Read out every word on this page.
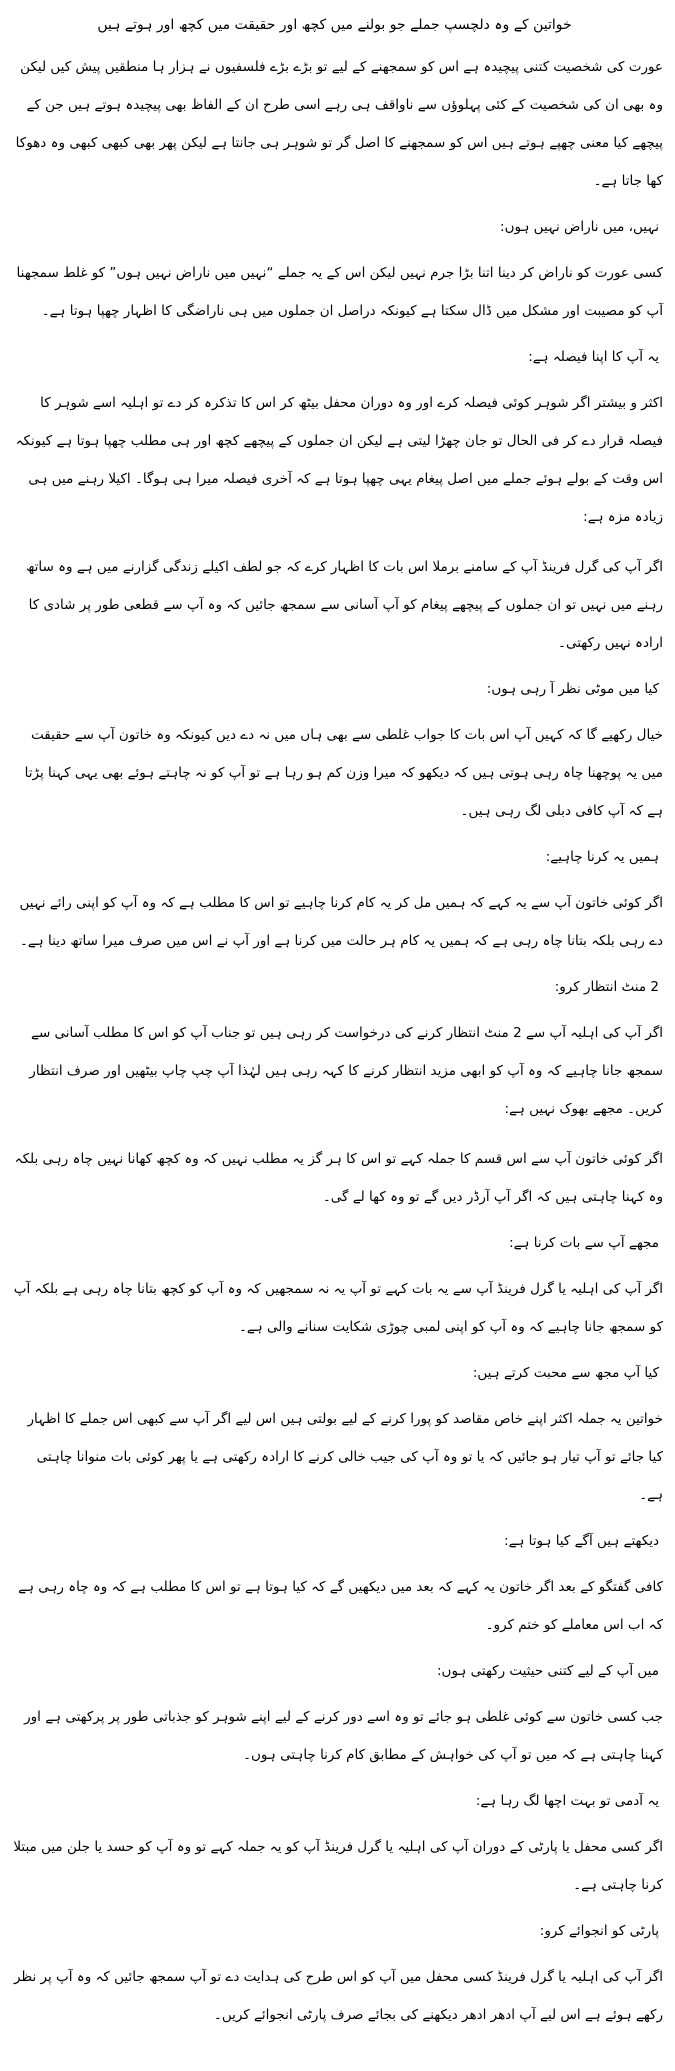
خواتین کے وہ دلچسپ جملے جو بولنے میں کچھ اور حقیقت میں کچھ اور ہوتے ہیں

عورت کی شخصیت کتنی پیچیدہ ہے اس کو سمجھنے کے لیے تو بڑے بڑے فلسفیوں نے ہزار ہا منطقیں پیش کیں لیکن وہ بھی ان کی شخصیت کے کئی پہلوؤں سے ناواقف ہی رہے اسی طرح ان کے الفاظ بھی پیچیدہ ہوتے ہیں جن کے پیچھے کیا معنی چھپے ہوتے ہیں اس کو سمجھنے کا اصل گر تو شوہر ہی جانتا ہے لیکن پھر بھی کبھی کبھی وہ دھوکا کھا جاتا ہے۔

نہیں، میں ناراض نہیں ہوں:

کسی عورت کو ناراض کر دینا اتنا بڑا جرم نہیں لیکن اس کے یہ جملے “نہیں میں ناراض نہیں ہوں” کو غلط سمجھنا آپ کو مصیبت اور مشکل میں ڈال سکتا ہے کیونکہ دراصل ان جملوں میں ہی ناراضگی کا اظہار چھپا ہوتا ہے۔

یہ آپ کا اپنا فیصلہ ہے:

اکثر و بیشتر اگر شوہر کوئی فیصلہ کرے اور وہ دوران محفل بیٹھ کر اس کا تذکرہ کر دے تو اہلیہ اسے شوہر کا فیصلہ قرار دے کر فی الحال تو جان چھڑا لیتی ہے لیکن ان جملوں کے پیچھے کچھ اور ہی مطلب چھپا ہوتا ہے کیونکہ اس وقت کے بولے ہوئے جملے میں اصل پیغام یہی چھپا ہوتا ہے کہ آخری فیصلہ میرا ہی ہوگا۔ اکیلا رہنے میں ہی زیادہ مزہ ہے:

اگر آپ کی گرل فرینڈ آپ کے سامنے برملا اس بات کا اظہار کرے کہ جو لطف اکیلے زندگی گزارنے میں ہے وہ ساتھ رہنے میں نہیں تو ان جملوں کے پیچھے پیغام کو آپ آسانی سے سمجھ جائیں کہ وہ آپ سے قطعی طور پر شادی کا ارادہ نہیں رکھتی۔

کیا میں موٹی نظر آ رہی ہوں:

خیال رکھیے گا کہ کہیں آپ اس بات کا جواب غلطی سے بھی ہاں میں نہ دے دیں کیونکہ وہ خاتون آپ سے حقیقت میں یہ پوچھنا چاہ رہی ہوتی ہیں کہ دیکھو کہ میرا وزن کم ہو رہا ہے تو آپ کو نہ چاہتے ہوئے بھی یہی کہنا پڑتا ہے کہ آپ کافی دبلی لگ رہی ہیں۔

ہمیں یہ کرنا چاہیے:

اگر کوئی خاتون آپ سے یہ کہے کہ ہمیں مل کر یہ کام کرنا چاہیے تو اس کا مطلب ہے کہ وہ آپ کو اپنی رائے نہیں دے رہی بلکہ بتانا چاہ رہی ہے کہ ہمیں یہ کام ہر حالت میں کرنا ہے اور آپ نے اس میں صرف میرا ساتھ دینا ہے۔

2 منٹ انتظار کرو:

اگر آپ کی اہلیہ آپ سے 2 منٹ انتظار کرنے کی درخواست کر رہی ہیں تو جناب آپ کو اس کا مطلب آسانی سے سمجھ جانا چاہیے کہ وہ آپ کو ابھی مزید انتظار کرنے کا کہہ رہی ہیں لہٰذا آپ چپ چاپ بیٹھیں اور صرف انتظار کریں۔ مجھے بھوک نہیں ہے:

اگر کوئی خاتون آپ سے اس قسم کا جملہ کہے تو اس کا ہر گز یہ مطلب نہیں کہ وہ کچھ کھانا نہیں چاہ رہی بلکہ وہ کہنا چاہتی ہیں کہ اگر آپ آرڈر دیں گے تو وہ کھا لے گی۔

مجھے آپ سے بات کرنا ہے:

اگر آپ کی اہلیہ یا گرل فرینڈ آپ سے یہ بات کہے تو آپ یہ نہ سمجھیں کہ وہ آپ کو کچھ بتانا چاہ رہی ہے بلکہ آپ کو سمجھ جانا چاہیے کہ وہ آپ کو اپنی لمبی چوڑی شکایت سنانے والی ہے۔

کیا آپ مجھ سے محبت کرتے ہیں:

خواتین یہ جملہ اکثر اپنے خاص مقاصد کو پورا کرنے کے لیے بولتی ہیں اس لیے اگر آپ سے کبھی اس جملے کا اظہار کیا جائے تو آپ تیار ہو جائیں کہ یا تو وہ آپ کی جیب خالی کرنے کا ارادہ رکھتی ہے یا پھر کوئی بات منوانا چاہتی ہے۔

دیکھتے ہیں آگے کیا ہوتا ہے:

کافی گفتگو کے بعد اگر خاتون یہ کہے کہ بعد میں دیکھیں گے کہ کیا ہوتا ہے تو اس کا مطلب ہے کہ وہ چاہ رہی ہے کہ اب اس معاملے کو ختم کرو۔

میں آپ کے لیے کتنی حیثیت رکھتی ہوں:

جب کسی خاتون سے کوئی غلطی ہو جائے تو وہ اسے دور کرنے کے لیے اپنے شوہر کو جذباتی طور پر پرکھتی ہے اور کہنا چاہتی ہے کہ میں تو آپ کی خواہش کے مطابق کام کرنا چاہتی ہوں۔

یہ آدمی تو بہت اچھا لگ رہا ہے:

اگر کسی محفل یا پارٹی کے دوران آپ کی اہلیہ یا گرل فرینڈ آپ کو یہ جملہ کہے تو وہ آپ کو حسد یا جلن میں مبتلا کرنا چاہتی ہے۔

پارٹی کو انجوائے کرو:

اگر آپ کی اہلیہ یا گرل فرینڈ کسی محفل میں آپ کو اس طرح کی ہدایت دے تو آپ سمجھ جائیں کہ وہ آپ پر نظر رکھے ہوئے ہے اس لیے آپ ادھر ادھر دیکھنے کی بجائے صرف پارٹی انجوائے کریں۔
